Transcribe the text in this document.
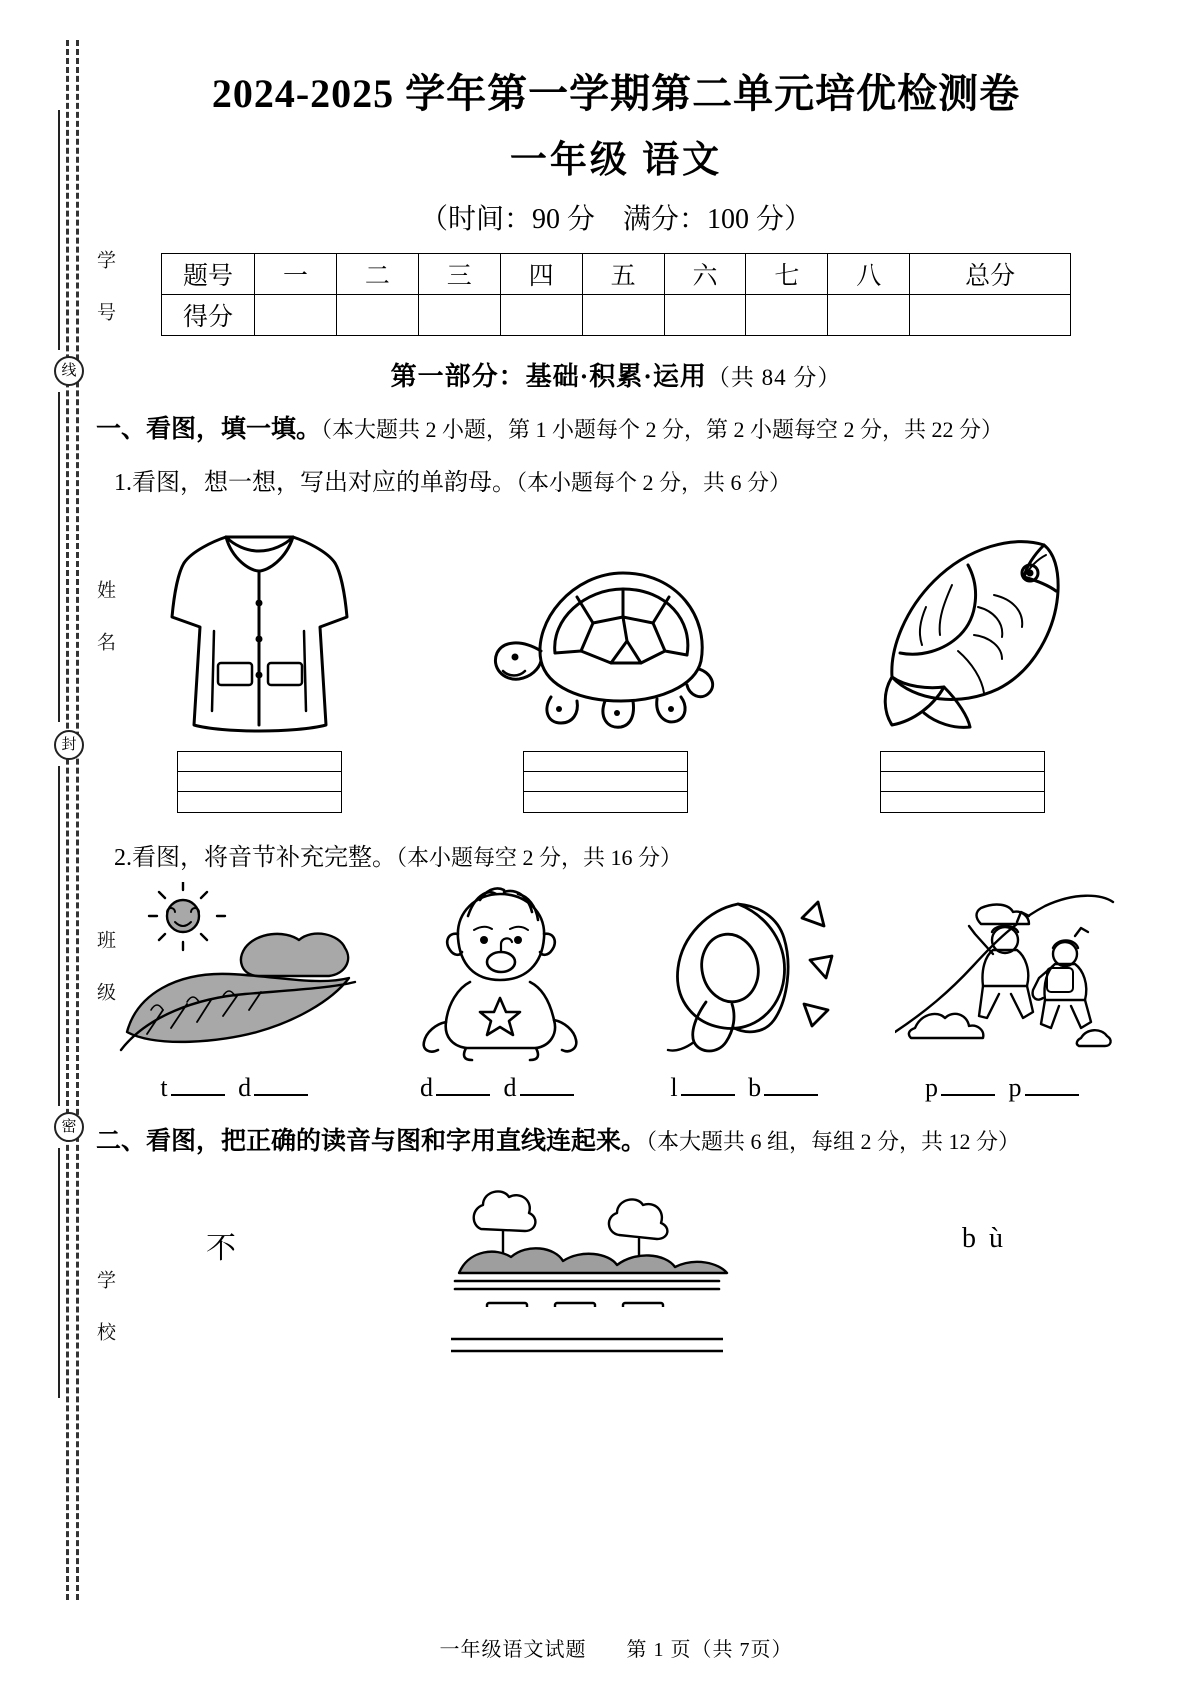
学 号
姓 名
班 级
学 校
线
封
密
2024-2025 学年第一学期第二单元培优检测卷
一年级 语文
（时间：90 分　满分：100 分）
题号	一	二	三	四	五	六	七	八	总分
得分									
第一部分：基础·积累·运用（共 84 分）
一、看图，填一填。（本大题共 2 小题，第 1 小题每个 2 分，第 2 小题每空 2 分，共 22 分）
1.看图，想一想，写出对应的单韵母。（本小题每个 2 分，共 6 分）
2.看图，将音节补充完整。（本小题每空 2 分，共 16 分）
t	d	d	d	l	b	p	p
二、看图，把正确的读音与图和字用直线连起来。（本大题共 6 组，每组 2 分，共 12 分）
不	b ù
一年级语文试题 第 1 页（共 7页）
